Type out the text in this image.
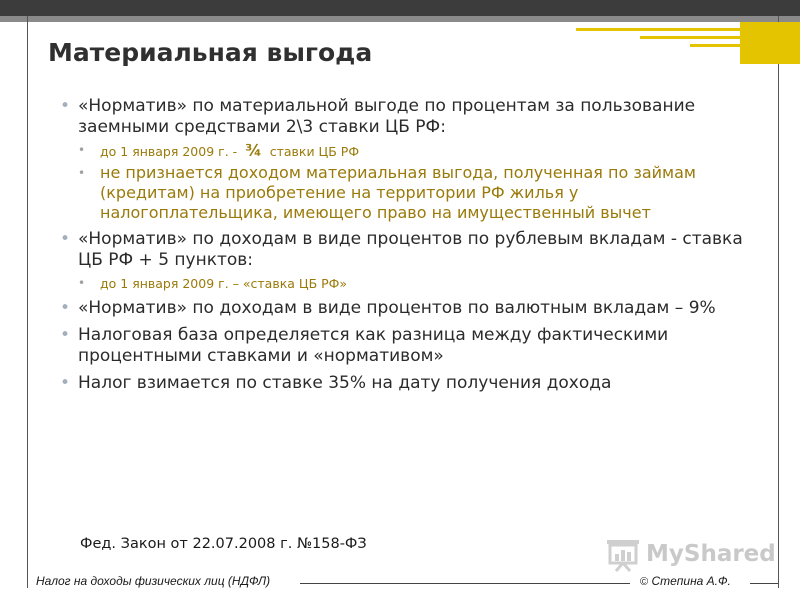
Материальная выгода
• «Норматив» по материальной выгоде по процентам за пользование заемными средствами 2\3 ставки ЦБ РФ:
• до 1 января 2009 г. - ¾ ставки ЦБ РФ
• не признается доходом материальная выгода, полученная по займам (кредитам) на приобретение на территории РФ жилья у налогоплательщика, имеющего право на имущественный вычет
• «Норматив» по доходам в виде процентов по рублевым вкладам - ставка ЦБ РФ + 5 пунктов:
• до 1 января 2009 г. – «ставка ЦБ РФ»
• «Норматив» по доходам в виде процентов по валютным вкладам – 9%
• Налоговая база определяется как разница между фактическими процентными ставками и «нормативом»
• Налог взимается по ставке 35% на дату получения дохода
Фед. Закон от 22.07.2008 г. №158-ФЗ	MyShared
Налог на доходы физических лиц (НДФЛ)	© Степина А.Ф.
